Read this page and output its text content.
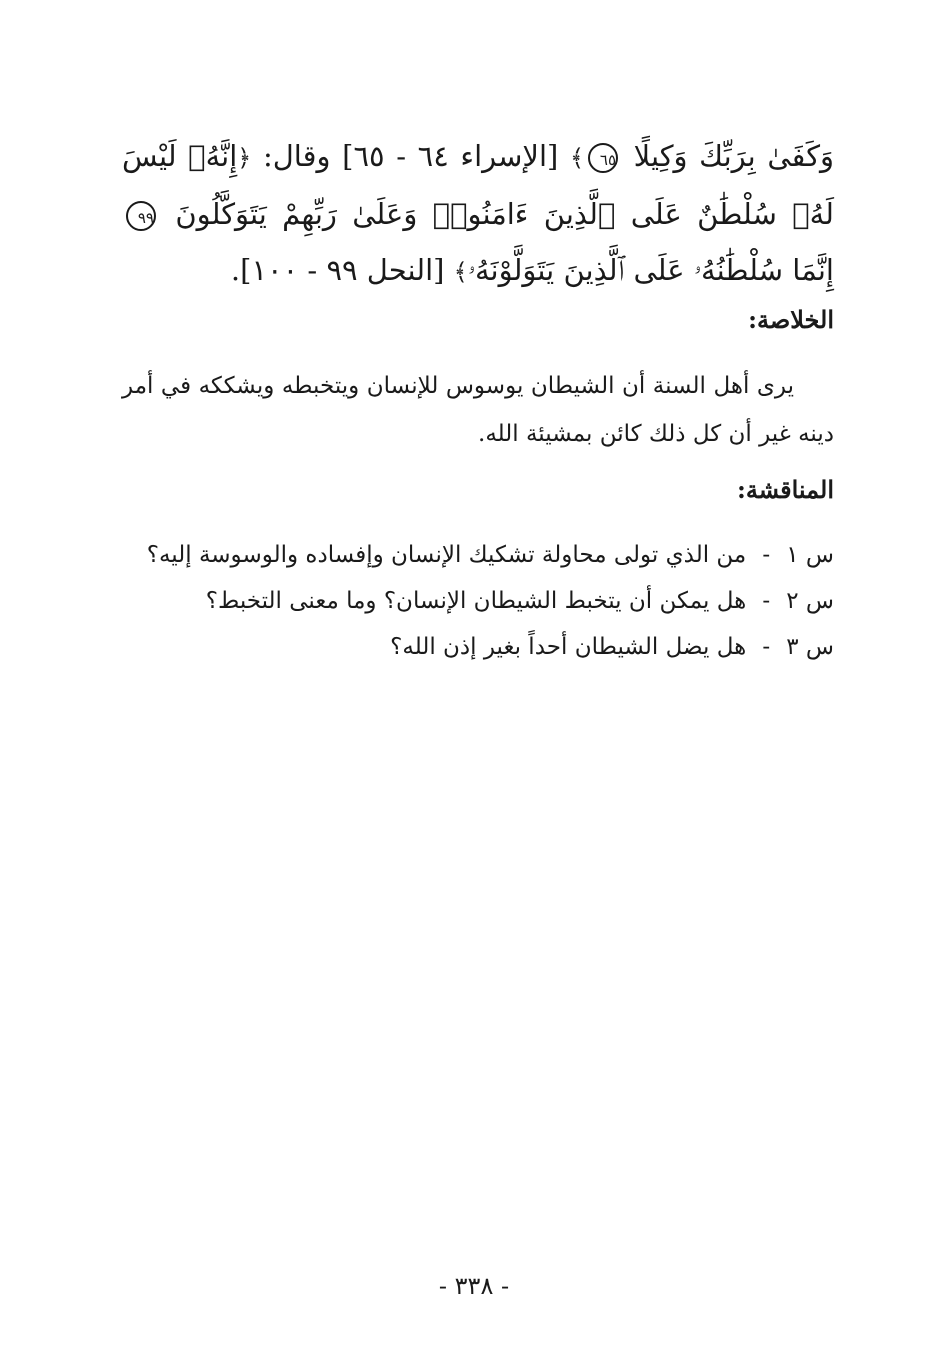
وَكَفَىٰ بِرَبِّكَ وَكِيلًا ٦٥﴾ [الإسراء ٦٤ - ٦٥] وقال: ﴿إِنَّهُۥ لَيْسَ لَهُۥ سُلْطَٰنٌ عَلَى ٱلَّذِينَ ءَامَنُوا۟ وَعَلَىٰ رَبِّهِمْ يَتَوَكَّلُونَ ٩٩ إِنَّمَا سُلْطَٰنُهُۥ عَلَى ٱلَّذِينَ يَتَوَلَّوْنَهُۥ﴾ [النحل ٩٩ - ١٠٠].
الخلاصة:
يرى أهل السنة أن الشيطان يوسوس للإنسان ويتخبطه ويشككه في أمر دينه غير أن كل ذلك كائن بمشيئة الله.
المناقشة:
س ١
-
من الذي تولى محاولة تشكيك الإنسان وإفساده والوسوسة إليه؟
س ٢
-
هل يمكن أن يتخبط الشيطان الإنسان؟ وما معنى التخبط؟
س ٣
-
هل يضل الشيطان أحداً بغير إذن الله؟
- ٣٣٨ -
